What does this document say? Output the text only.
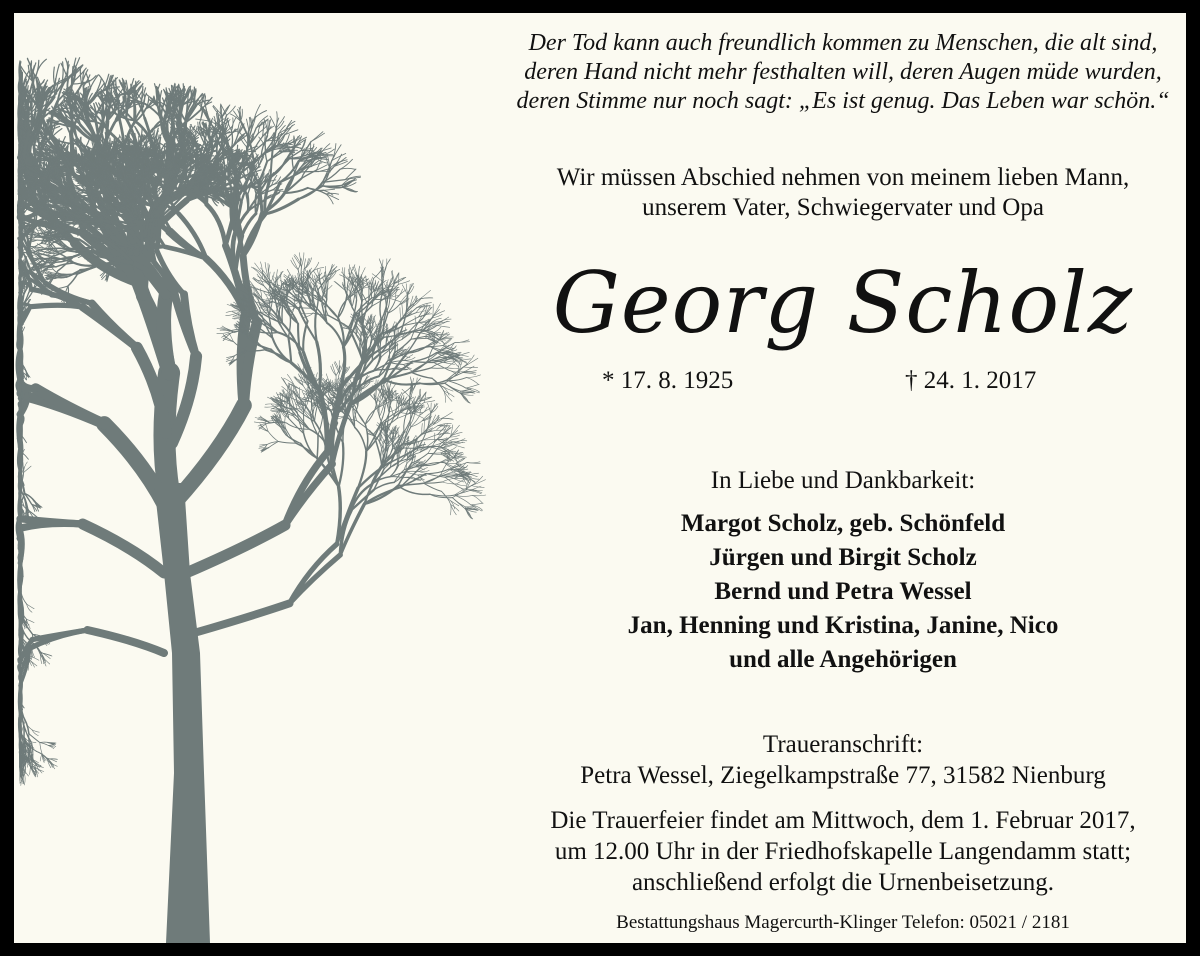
Der Tod kann auch freundlich kommen zu Menschen, die alt sind,
deren Hand nicht mehr festhalten will, deren Augen müde wurden,
deren Stimme nur noch sagt: „Es ist genug. Das Leben war schön.“
Wir müssen Abschied nehmen von meinem lieben Mann,
unserem Vater, Schwiegervater und Opa
Georg Scholz
* 17. 8. 1925	† 24. 1. 2017
In Liebe und Dankbarkeit:
Margot Scholz, geb. Schönfeld
Jürgen und Birgit Scholz
Bernd und Petra Wessel
Jan, Henning und Kristina, Janine, Nico
und alle Angehörigen
Traueranschrift:
Petra Wessel, Ziegelkampstraße 77, 31582 Nienburg
Die Trauerfeier findet am Mittwoch, dem 1. Februar 2017,
um 12.00 Uhr in der Friedhofskapelle Langendamm statt;
anschließend erfolgt die Urnenbeisetzung.
Bestattungshaus Magercurth-Klinger Telefon: 05021 / 2181
